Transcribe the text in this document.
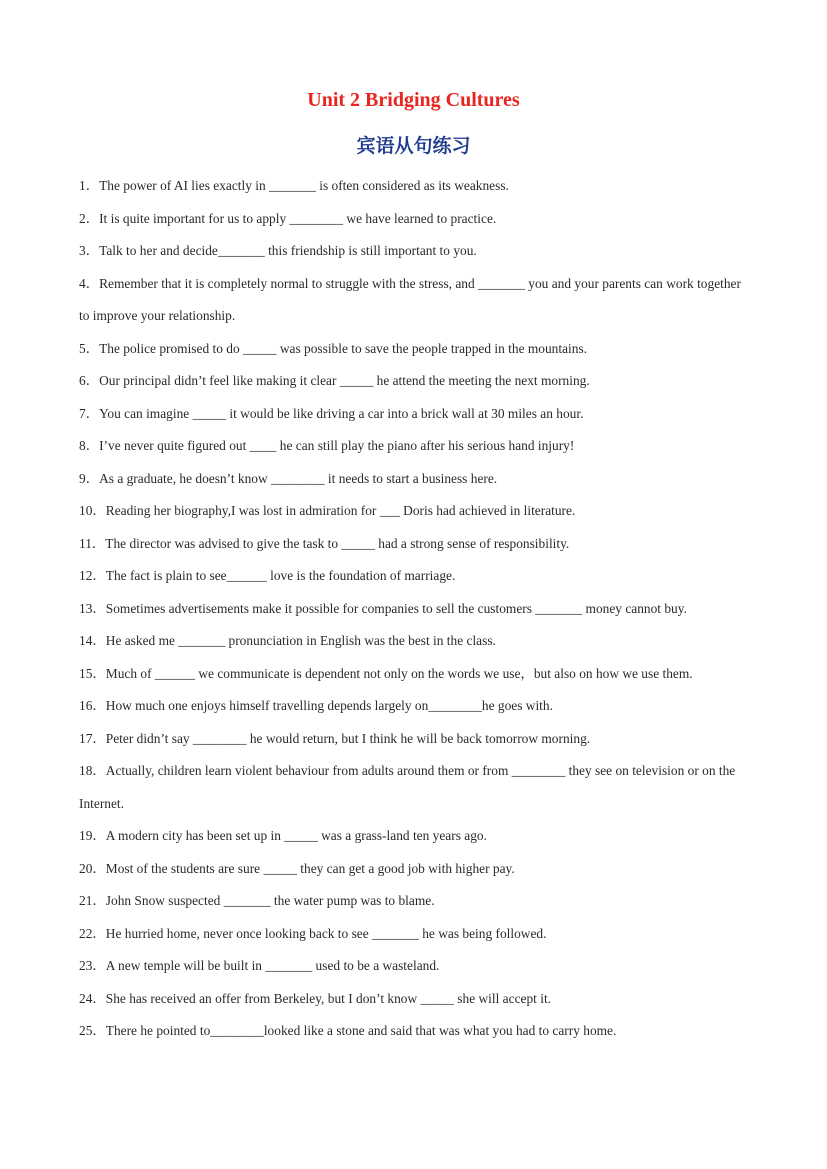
Unit 2 Bridging Cultures
宾语从句练习

1．The power of AI lies exactly in _______ is often considered as its weakness.

2．It is quite important for us to apply ________ we have learned to practice.

3．Talk to her and decide_______ this friendship is still important to you.

4．Remember that it is completely normal to struggle with the stress, and _______ you and your parents can work together to improve your relationship.

5．The police promised to do _____ was possible to save the people trapped in the mountains.

6．Our principal didn’t feel like making it clear _____ he attend the meeting the next morning.

7．You can imagine _____ it would be like driving a car into a brick wall at 30 miles an hour.

8．I’ve never quite figured out ____ he can still play the piano after his serious hand injury!

9．As a graduate, he doesn’t know ________ it needs to start a business here.

10．Reading her biography,I was lost in admiration for ___ Doris had achieved in literature.

11．The director was advised to give the task to _____ had a strong sense of responsibility.

12．The fact is plain to see______ love is the foundation of marriage.

13．Sometimes advertisements make it possible for companies to sell the customers _______ money cannot buy.

14．He asked me _______ pronunciation in English was the best in the class.

15．Much of ______ we communicate is dependent not only on the words we use，but also on how we use them.

16．How much one enjoys himself travelling depends largely on________he goes with.

17．Peter didn’t say ________ he would return, but I think he will be back tomorrow morning.

18．Actually, children learn violent behaviour from adults around them or from ________ they see on television or on the Internet.

19．A modern city has been set up in _____ was a grass-land ten years ago.

20．Most of the students are sure _____ they can get a good job with higher pay.

21．John Snow suspected _______ the water pump was to blame.

22．He hurried home, never once looking back to see _______ he was being followed.

23．A new temple will be built in _______ used to be a wasteland.

24．She has received an offer from Berkeley, but I don’t know _____ she will accept it.

25．There he pointed to________looked like a stone and said that was what you had to carry home.
